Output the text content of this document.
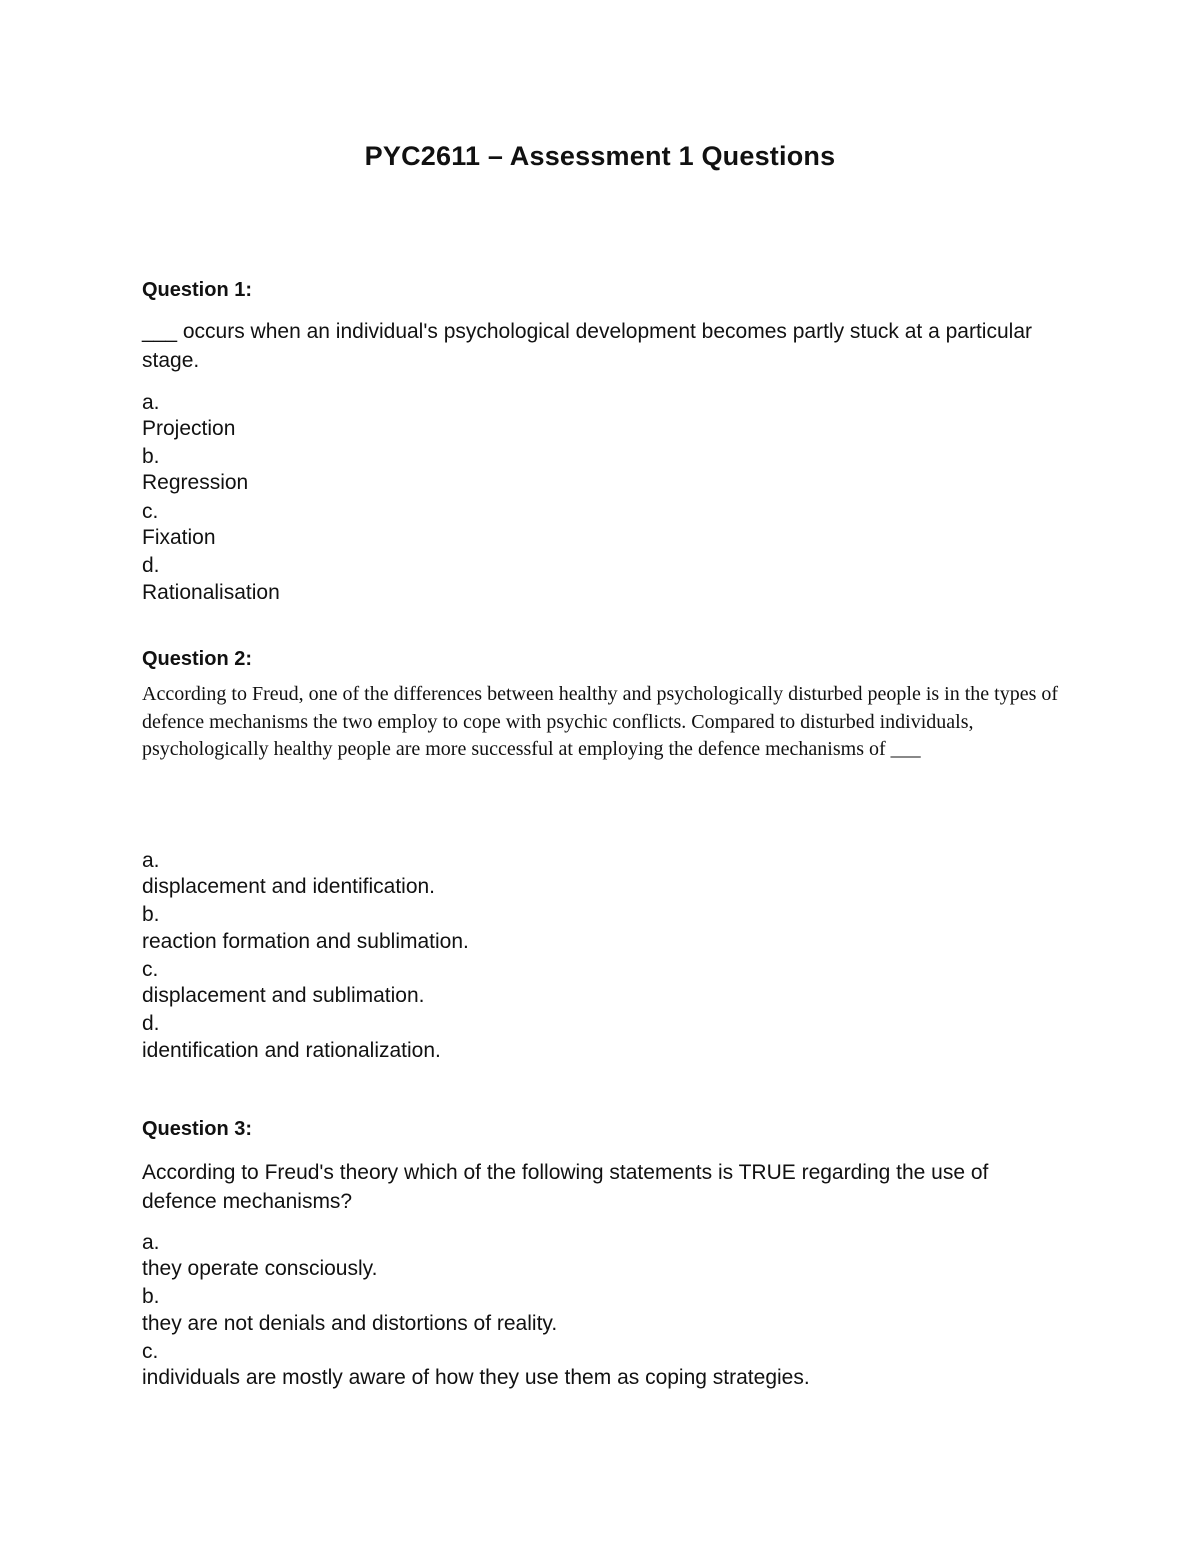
PYC2611 – Assessment 1 Questions

Question 1:

___ occurs when an individual's psychological development becomes partly stuck at a particular stage.

a.

Projection

b.

Regression

c.

Fixation

d.

Rationalisation

Question 2:

According to Freud, one of the differences between healthy and psychologically disturbed people is in the types of defence mechanisms the two employ to cope with psychic conflicts. Compared to disturbed individuals, psychologically healthy people are more successful at employing the defence mechanisms of ___

a.

displacement and identification.

b.

reaction formation and sublimation.

c.

displacement and sublimation.

d.

identification and rationalization.

Question 3:

According to Freud's theory which of the following statements is TRUE regarding the use of defence mechanisms?

a.

they operate consciously.

b.

they are not denials and distortions of reality.

c.

individuals are mostly aware of how they use them as coping strategies.
